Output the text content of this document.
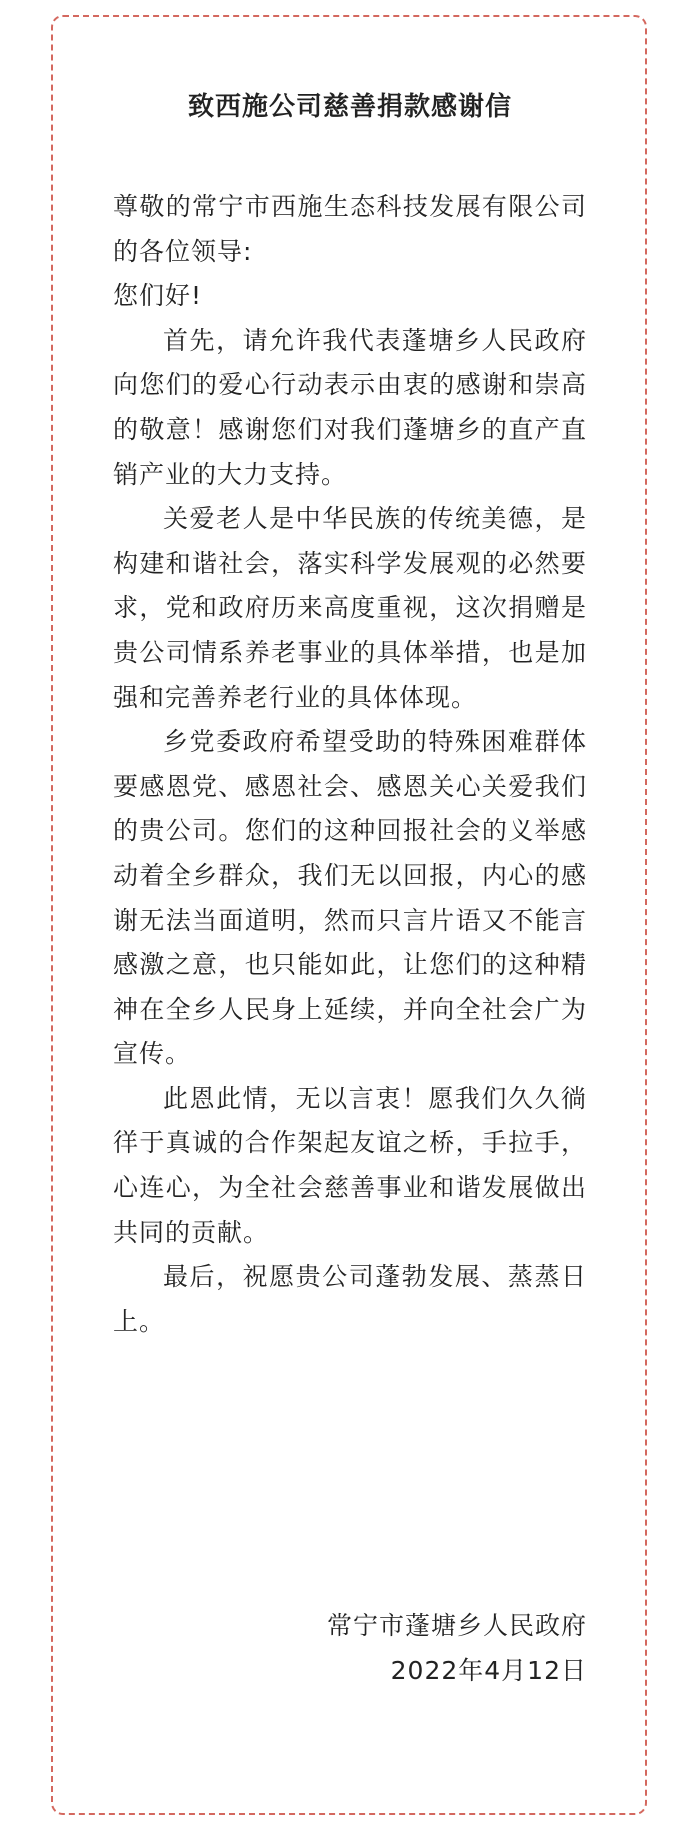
致西施公司慈善捐款感谢信

尊敬的常宁市西施生态科技发展有限公司的各位领导:

您们好!

首先，请允许我代表蓬塘乡人民政府向您们的爱心行动表示由衷的感谢和崇高的敬意！感谢您们对我们蓬塘乡的直产直销产业的大力支持。

关爱老人是中华民族的传统美德，是构建和谐社会，落实科学发展观的必然要求，党和政府历来高度重视，这次捐赠是贵公司情系养老事业的具体举措，也是加强和完善养老行业的具体体现。

乡党委政府希望受助的特殊困难群体要感恩党、感恩社会、感恩关心关爱我们的贵公司。您们的这种回报社会的义举感动着全乡群众，我们无以回报，内心的感谢无法当面道明，然而只言片语又不能言感激之意，也只能如此，让您们的这种精神在全乡人民身上延续，并向全社会广为宣传。

此恩此情，无以言衷！愿我们久久徜徉于真诚的合作架起友谊之桥，手拉手，心连心，为全社会慈善事业和谐发展做出共同的贡献。

最后，祝愿贵公司蓬勃发展、蒸蒸日上。

常宁市蓬塘乡人民政府
2022年4月12日
